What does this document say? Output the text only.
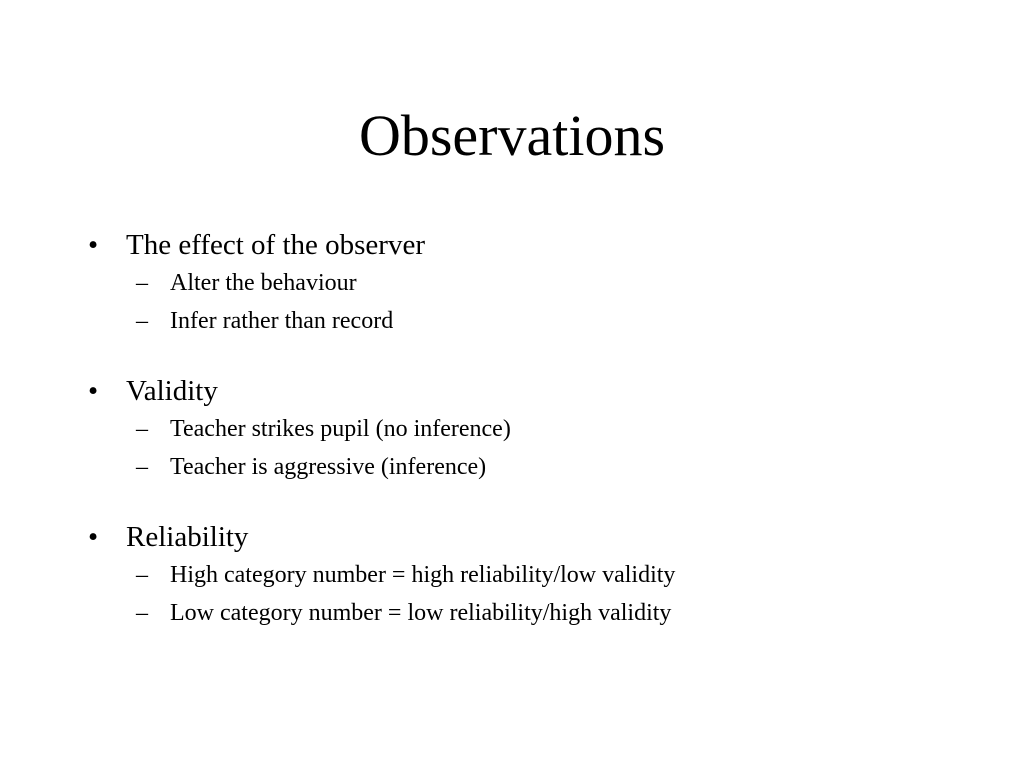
Observations
• The effect of the observer
– Alter the behaviour
– Infer rather than record
• Validity
– Teacher strikes pupil (no inference)
– Teacher is aggressive (inference)
• Reliability
– High category number = high reliability/low validity
– Low category number = low reliability/high validity
